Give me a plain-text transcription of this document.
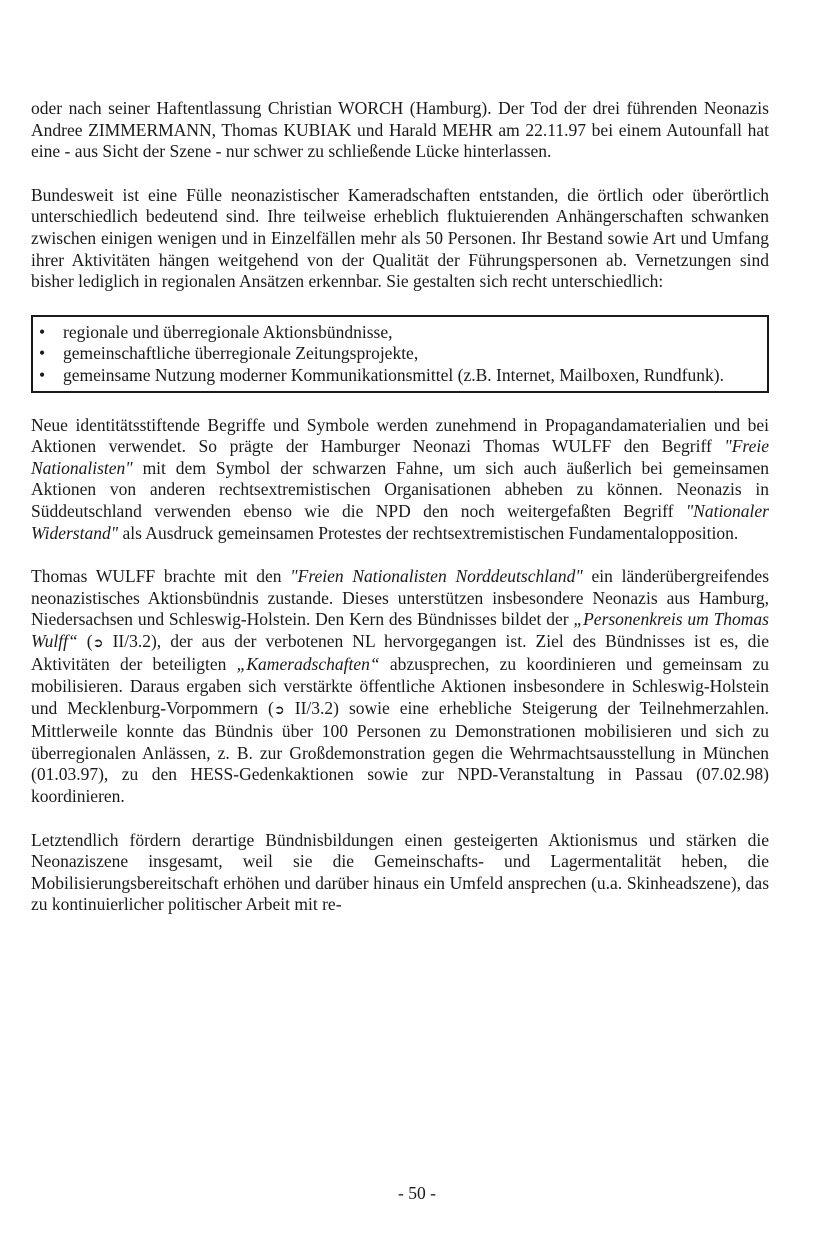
oder nach seiner Haftentlassung Christian WORCH (Hamburg). Der Tod der drei führenden Neonazis Andree ZIMMERMANN, Thomas KUBIAK und Harald MEHR am 22.11.97 bei einem Autounfall hat eine - aus Sicht der Szene - nur schwer zu schließende Lücke hinterlassen.

Bundesweit ist eine Fülle neonazistischer Kameradschaften entstanden, die örtlich oder überörtlich unterschiedlich bedeutend sind. Ihre teilweise erheblich fluktuierenden Anhängerschaften schwanken zwischen einigen wenigen und in Einzelfällen mehr als 50 Personen. Ihr Bestand sowie Art und Umfang ihrer Aktivitäten hängen weitgehend von der Qualität der Führungspersonen ab. Vernetzungen sind bisher lediglich in regionalen Ansätzen erkennbar. Sie gestalten sich recht unterschiedlich:

• regionale und überregionale Aktionsbündnisse,
• gemeinschaftliche überregionale Zeitungsprojekte,
• gemeinsame Nutzung moderner Kommunikationsmittel (z.B. Internet, Mailboxen, Rundfunk).

Neue identitätsstiftende Begriffe und Symbole werden zunehmend in Propagandamaterialien und bei Aktionen verwendet. So prägte der Hamburger Neonazi Thomas WULFF den Begriff "Freie Nationalisten" mit dem Symbol der schwarzen Fahne, um sich auch äußerlich bei gemeinsamen Aktionen von anderen rechtsextremistischen Organisationen abheben zu können. Neonazis in Süddeutschland verwenden ebenso wie die NPD den noch weitergefaßten Begriff "Nationaler Widerstand" als Ausdruck gemeinsamen Protestes der rechtsextremistischen Fundamentalopposition.

Thomas WULFF brachte mit den "Freien Nationalisten Norddeutschland" ein länderübergreifendes neonazistisches Aktionsbündnis zustande. Dieses unterstützen insbesondere Neonazis aus Hamburg, Niedersachsen und Schleswig-Holstein. Den Kern des Bündnisses bildet der „Personenkreis um Thomas Wulff“ (➲ II/3.2), der aus der verbotenen NL hervorgegangen ist. Ziel des Bündnisses ist es, die Aktivitäten der beteiligten „Kameradschaften“ abzusprechen, zu koordinieren und gemeinsam zu mobilisieren. Daraus ergaben sich verstärkte öffentliche Aktionen insbesondere in Schleswig-Holstein und Mecklenburg-Vorpommern (➲ II/3.2) sowie eine erhebliche Steigerung der Teilnehmerzahlen. Mittlerweile konnte das Bündnis über 100 Personen zu Demonstrationen mobilisieren und sich zu überregionalen Anlässen, z. B. zur Großdemonstration gegen die Wehrmachtsausstellung in München (01.03.97), zu den HESS-Gedenkaktionen sowie zur NPD-Veranstaltung in Passau (07.02.98) koordinieren.

Letztendlich fördern derartige Bündnisbildungen einen gesteigerten Aktionismus und stärken die Neonaziszene insgesamt, weil sie die Gemeinschafts- und Lagermentalität heben, die Mobilisierungsbereitschaft erhöhen und darüber hinaus ein Umfeld ansprechen (u.a. Skinheadszene), das zu kontinuierlicher politischer Arbeit mit re-

- 50 -
